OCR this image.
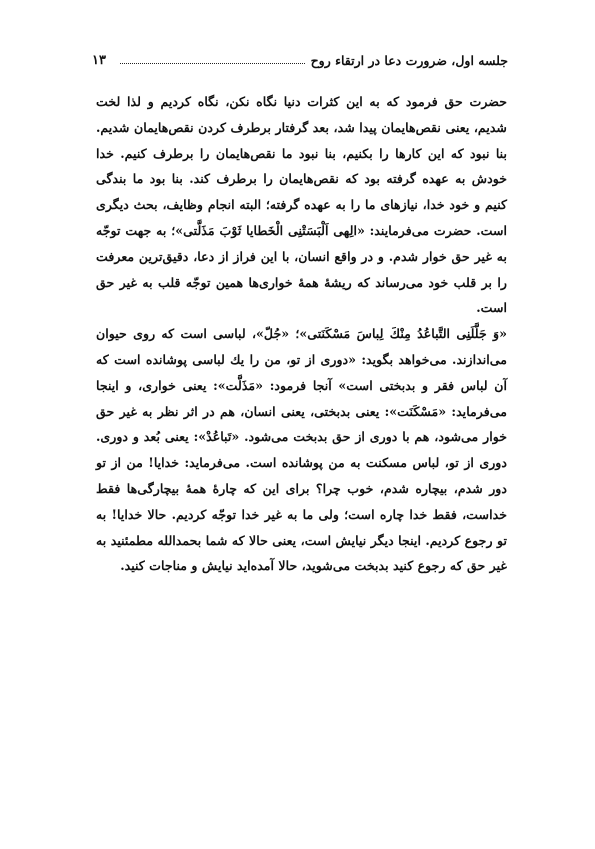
جلسه اول، ضرورت دعا در ارتقاء روح
۱۳

حضرت حق فرمود كه به اين كثرات دنيا نگاه نكن، نگاه كرديم و لذا لخت شديم، يعنى نقص‌هايمان پيدا شد، بعد گرفتار برطرف كردن نقص‌هايمان شديم. بنا نبود كه اين كارها را بكنيم، بنا نبود ما نقص‌هايمان را برطرف كنيم. خدا خودش به عهده گرفته بود كه نقص‌هايمان را برطرف كند. بنا بود ما بندگى كنيم و خود خدا، نيازهاى ما را به عهده گرفته؛ البته انجام وظايف، بحث ديگرى است. حضرت مى‌فرمايند: «الِهى اَلْبَسَتْنِى الْخَطايا ثَوْبَ مَذَلَّتى»؛ به جهت توجّه به غير حق خوار شدم. و در واقع انسان، با اين فراز از دعا، دقيق‌ترين معرفت را بر قلب خود مى‌رساند كه ريشهٔ همهٔ خوارى‌ها همين توجّه قلب به غير حق است.

«وَ جَلَّلَنِى التَّباعُدُ مِنْكَ لِباسَ مَسْكَنَتى»؛ «جُلّ»، لباسى است كه روى حيوان مى‌اندازند. مى‌خواهد بگويد: «دورى از تو، من را يك لباسى پوشانده است كه آن لباس فقر و بدبختى است» آنجا فرمود: «مَذَلَّت»: يعنى خوارى، و اينجا مى‌فرمايد: «مَسْكَنَت»: يعنى بدبختى، يعنى انسان، هم در اثر نظر به غير حق خوار مى‌شود، هم با دورى از حق بدبخت مى‌شود. «تَباعُدْ»: يعنى بُعد و دورى. دورى از تو، لباس مسكنت به من پوشانده است. مى‌فرمايد: خدايا! من از تو دور شدم، بيچاره شدم، خوب چرا؟ براى اين كه چارهٔ همهٔ بيچارگى‌ها فقط خداست، فقط خدا چاره است؛ ولى ما به غير خدا توجّه كرديم. حالا خدايا! به تو رجوع كرديم. اينجا ديگر نيايش است، يعنى حالا كه شما بحمدالله مطمئنيد به غير حق كه رجوع كنيد بدبخت مى‌شويد، حالا آمده‌ايد نيايش و مناجات كنيد.
